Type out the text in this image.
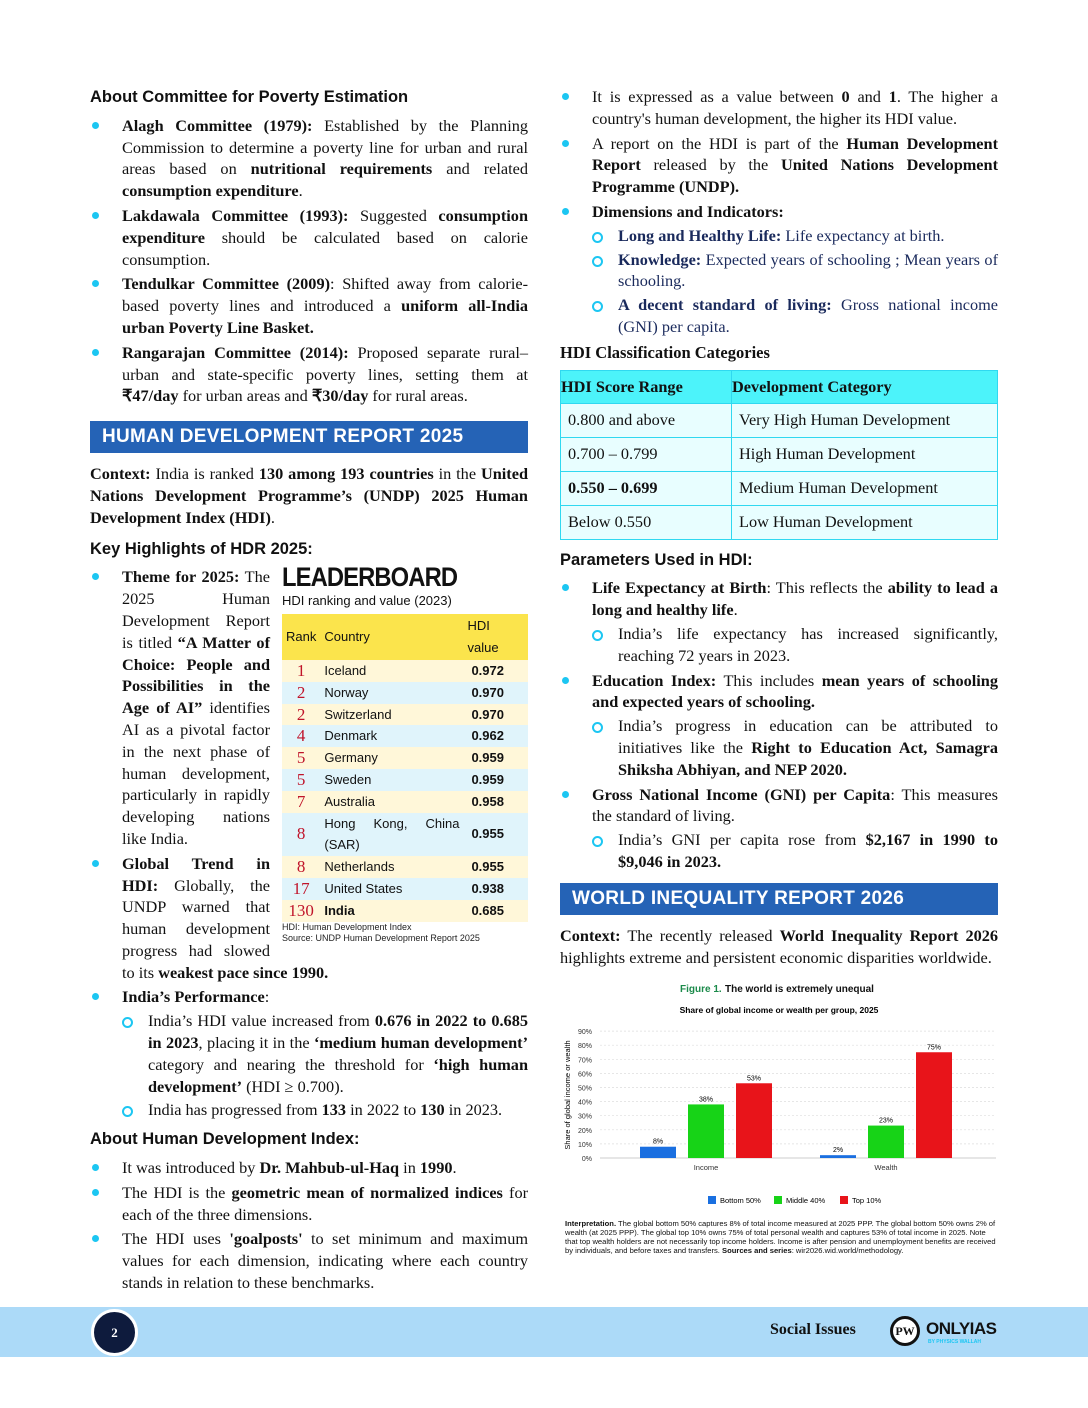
About Committee for Poverty Estimation
Alagh Committee (1979): Established by the Planning Commission to determine a poverty line for urban and rural areas based on nutritional requirements and related consumption expenditure.
Lakdawala Committee (1993): Suggested consumption expenditure should be calculated based on calorie consumption.
Tendulkar Committee (2009): Shifted away from calorie-based poverty lines and introduced a uniform all-India urban Poverty Line Basket.
Rangarajan Committee (2014): Proposed separate rural–urban and state-specific poverty lines, setting them at ₹47/day for urban areas and ₹30/day for rural areas.
HUMAN DEVELOPMENT REPORT 2025

Context: India is ranked 130 among 193 countries in the United Nations Development Programme’s (UNDP) 2025 Human Development Index (HDI).

Key Highlights of HDR 2025:
LEADERBOARD
HDI ranking and value (2023)
Rank	Country	HDI value
1	Iceland	0.972
2	Norway	0.970
2	Switzerland	0.970
4	Denmark	0.962
5	Germany	0.959
5	Sweden	0.959
7	Australia	0.958
8	Hong Kong, China (SAR)	0.955
8	Netherlands	0.955
17	United States	0.938
130	India	0.685
HDI: Human Development Index
Source: UNDP Human Development Report 2025
Theme for 2025: The 2025 Human Development Report is titled “A Matter of Choice: People and Possibilities in the Age of AI” identifies AI as a pivotal factor in the next phase of human development, particularly in rapidly developing nations like India.
Global Trend in HDI: Globally, the UNDP warned that human development progress had slowed to its weakest pace since 1990.
India’s Performance:
India’s HDI value increased from 0.676 in 2022 to 0.685 in 2023, placing it in the ‘medium human development’ category and nearing the threshold for ‘high human development’ (HDI ≥ 0.700).
India has progressed from 133 in 2022 to 130 in 2023.
About Human Development Index:
It was introduced by Dr. Mahbub-ul-Haq in 1990.
The HDI is the geometric mean of normalized indices for each of the three dimensions.
The HDI uses 'goalposts' to set minimum and maximum values for each dimension, indicating where each country stands in relation to these benchmarks.
It is expressed as a value between 0 and 1. The higher a country's human development, the higher its HDI value.
A report on the HDI is part of the Human Development Report released by the United Nations Development Programme (UNDP).
Dimensions and Indicators:
Long and Healthy Life: Life expectancy at birth.
Knowledge: Expected years of schooling ; Mean years of schooling.
A decent standard of living: Gross national income (GNI) per capita.
HDI Classification Categories
HDI Score Range	Development Category
0.800 and above	Very High Human Development
0.700 – 0.799	High Human Development
0.550 – 0.699	Medium Human Development
Below 0.550	Low Human Development
Parameters Used in HDI:
Life Expectancy at Birth: This reflects the ability to lead a long and healthy life.
India’s life expectancy has increased significantly, reaching 72 years in 2023.
Education Index: This includes mean years of schooling and expected years of schooling.
India’s progress in education can be attributed to initiatives like the Right to Education Act, Samagra Shiksha Abhiyan, and NEP 2020.
Gross National Income (GNI) per Capita: This measures the standard of living.
India’s GNI per capita rose from $2,167 in 1990 to $9,046 in 2023.
WORLD INEQUALITY REPORT 2026

Context: The recently released World Inequality Report 2026 highlights extreme and persistent economic disparities worldwide.

Figure 1. The world is extremely unequal
Share of global income or wealth per group, 2025
0%
10%
20%
30%
40%
50%
60%
70%
80%
90%
Share of global income or wealth	8%
38%
53%
Income
2%
23%
75%
Wealth
Bottom 50%	Middle 40%	Top 10%

Interpretation. The global bottom 50% captures 8% of total income measured at 2025 PPP. The global bottom 50% owns 2% of wealth (at 2025 PPP). The global top 10% owns 75% of total personal wealth and captures 53% of total income in 2025. Note that top wealth holders are not necessarily top income holders. Income is after pension and unemployment benefits are received by individuals, and before taxes and transfers. Sources and series: wir2026.wid.world/methodology.

2	Social Issues	PW ONLYIAS
BY PHYSICS WALLAH
